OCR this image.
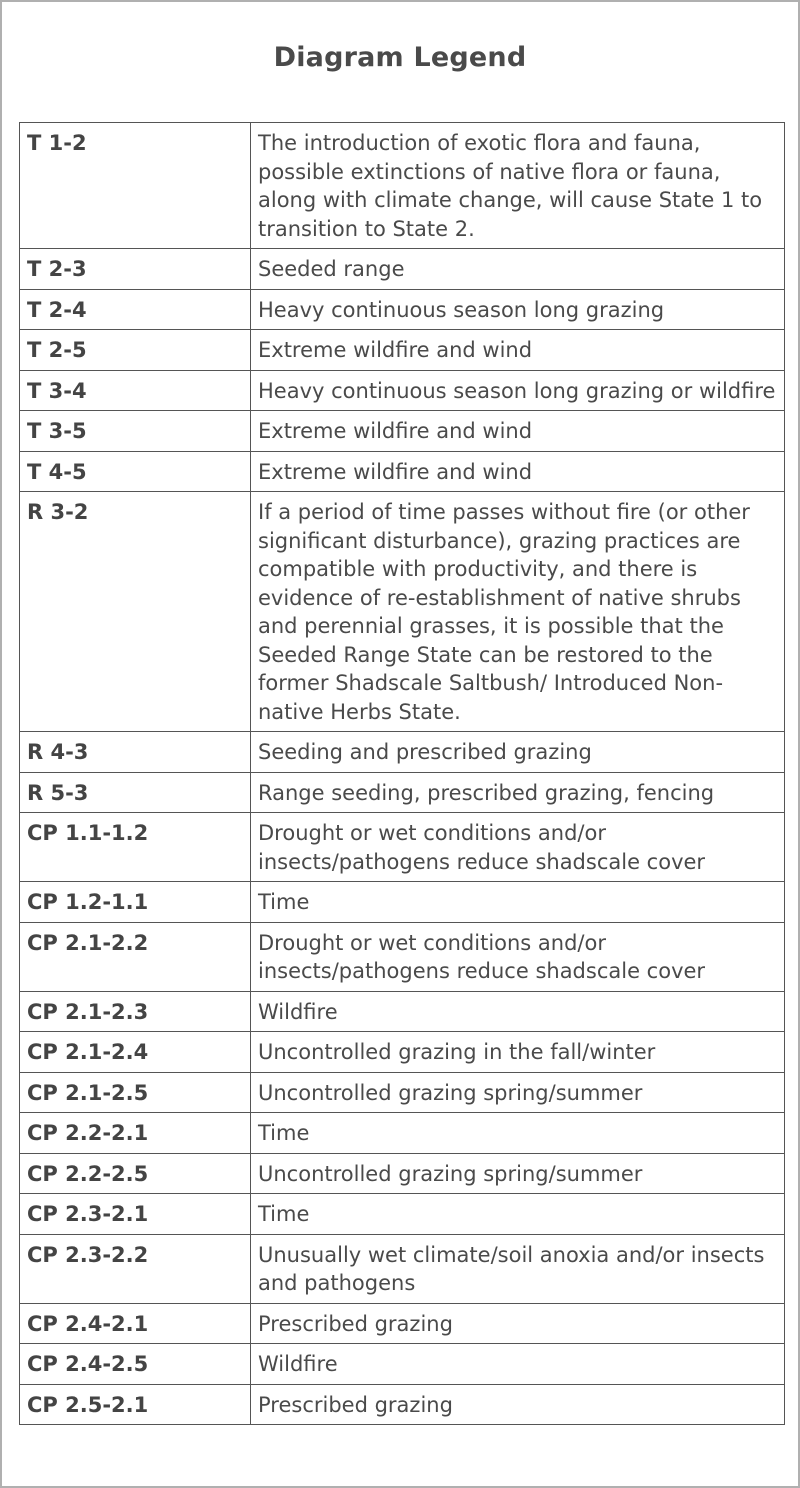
Diagram Legend
T 1-2	The introduction of exotic flora and fauna, possible extinctions of native flora or fauna, along with climate change, will cause State 1 to transition to State 2.
T 2-3	Seeded range
T 2-4	Heavy continuous season long grazing
T 2-5	Extreme wildfire and wind
T 3-4	Heavy continuous season long grazing or wildfire
T 3-5	Extreme wildfire and wind
T 4-5	Extreme wildfire and wind
R 3-2	If a period of time passes without fire (or other significant disturbance), grazing practices are compatible with productivity, and there is evidence of re-establishment of native shrubs and perennial grasses, it is possible that the Seeded Range State can be restored to the former Shadscale Saltbush/ Introduced Non-native Herbs State.
R 4-3	Seeding and prescribed grazing
R 5-3	Range seeding, prescribed grazing, fencing
CP 1.1-1.2	Drought or wet conditions and/or insects/pathogens reduce shadscale cover
CP 1.2-1.1	Time
CP 2.1-2.2	Drought or wet conditions and/or insects/pathogens reduce shadscale cover
CP 2.1-2.3	Wildfire
CP 2.1-2.4	Uncontrolled grazing in the fall/winter
CP 2.1-2.5	Uncontrolled grazing spring/summer
CP 2.2-2.1	Time
CP 2.2-2.5	Uncontrolled grazing spring/summer
CP 2.3-2.1	Time
CP 2.3-2.2	Unusually wet climate/soil anoxia and/or insects and pathogens
CP 2.4-2.1	Prescribed grazing
CP 2.4-2.5	Wildfire
CP 2.5-2.1	Prescribed grazing
